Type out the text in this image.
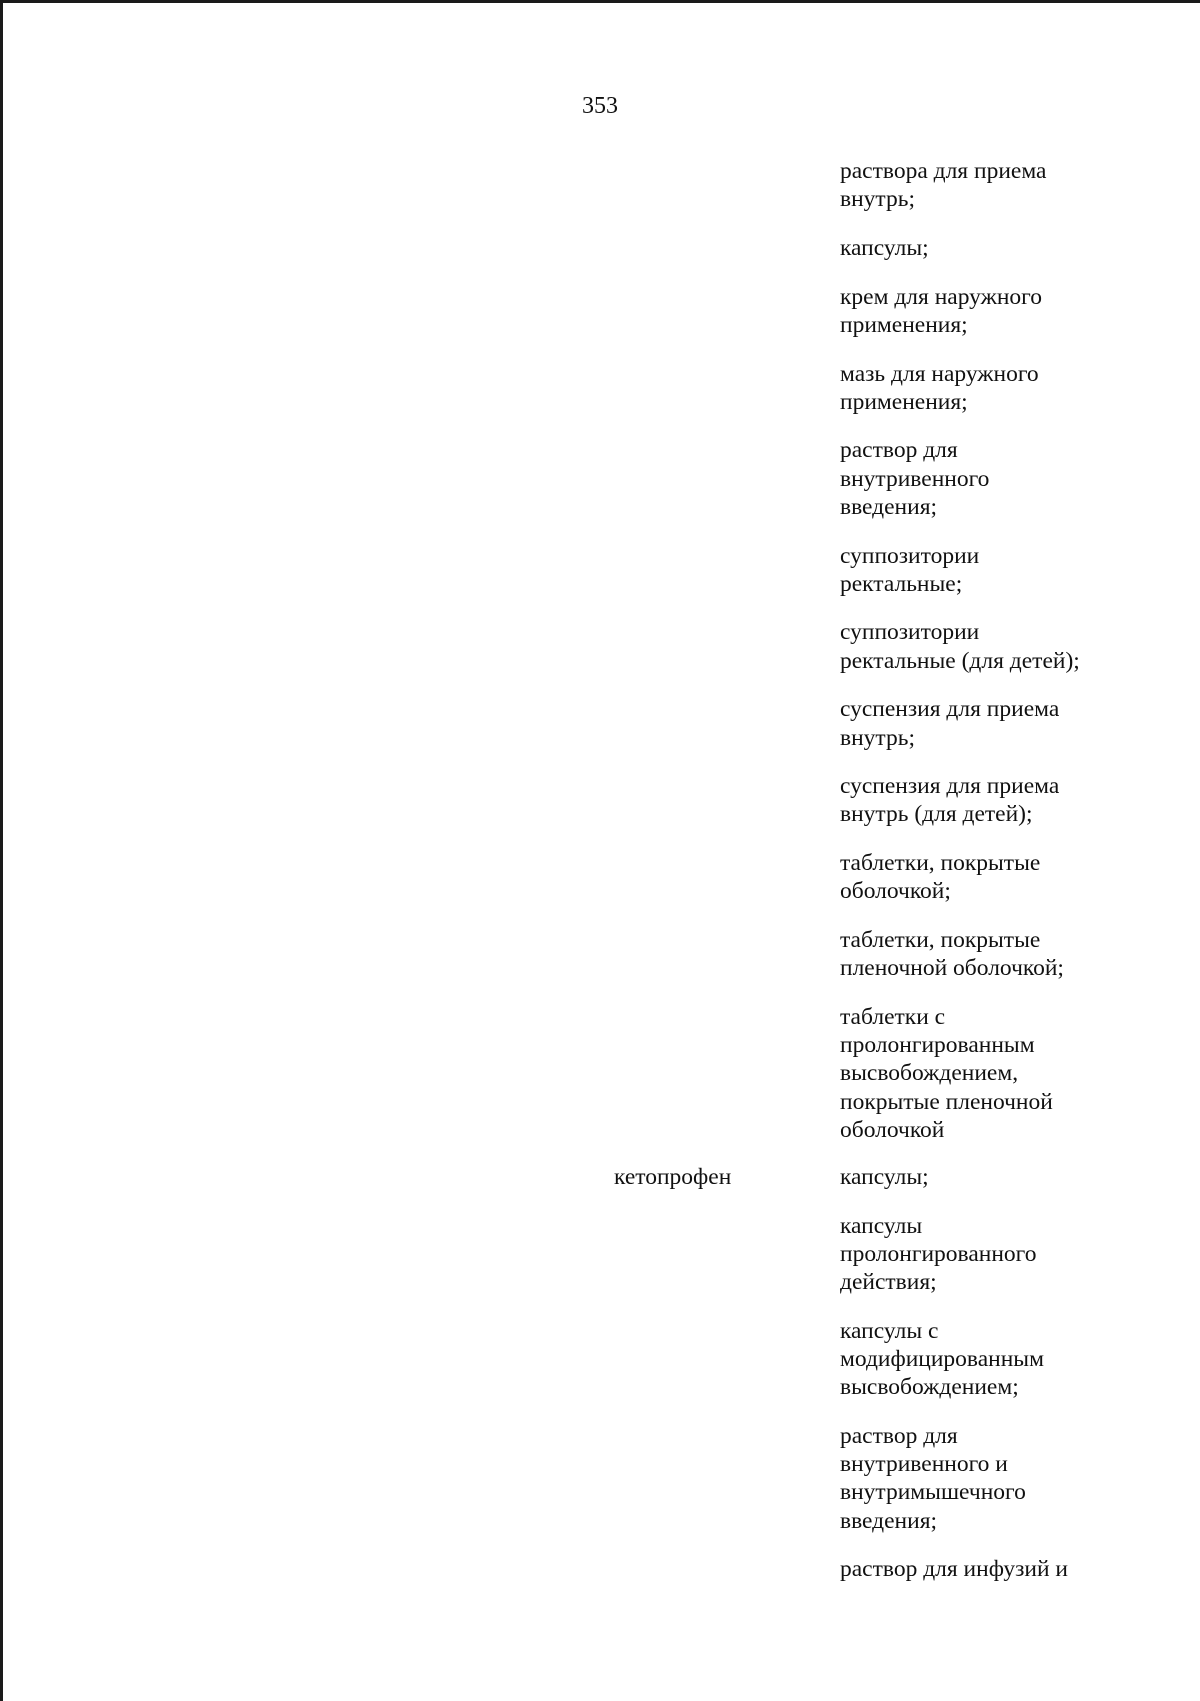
353
раствора для приема
внутрь;
капсулы;
крем для наружного
применения;
мазь для наружного
применения;
раствор для
внутривенного
введения;
суппозитории
ректальные;
суппозитории
ректальные (для детей);
суспензия для приема
внутрь;
суспензия для приема
внутрь (для детей);
таблетки, покрытые
оболочкой;
таблетки, покрытые
пленочной оболочкой;
таблетки с
пролонгированным
высвобождением,
покрытые пленочной
оболочкой
кетопрофен	капсулы;
капсулы
пролонгированного
действия;
капсулы с
модифицированным
высвобождением;
раствор для
внутривенного и
внутримышечного
введения;
раствор для инфузий и
